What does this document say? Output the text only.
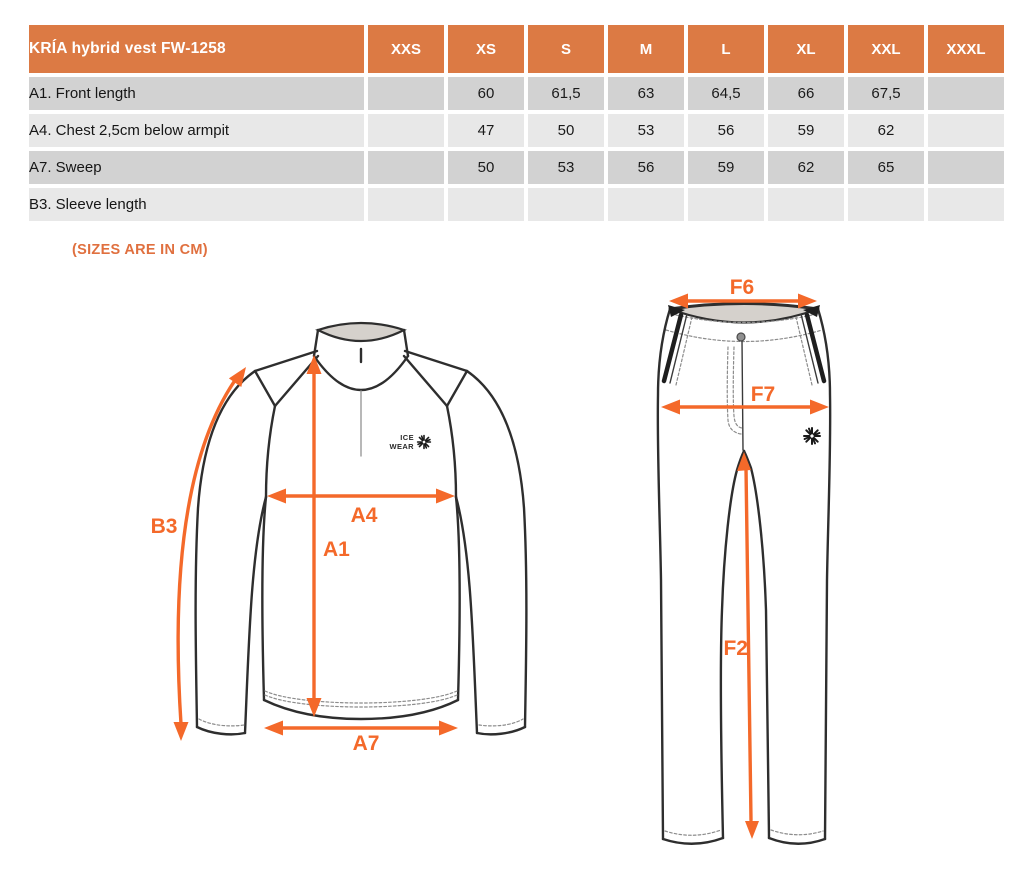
KRÍA hybrid vest FW-1258	XXS	XS	S	M	L	XL	XXL	XXXL
A1. Front length		60	61,5	63	64,5	66	67,5	
A4. Chest 2,5cm below armpit		47	50	53	56	59	62	
A7. Sweep		50	53	56	59	62	65	
B3. Sleeve length								
(SIZES ARE IN CM)
ICE
WEAR
B3	A4
A1
A7
F6
F7
F2
